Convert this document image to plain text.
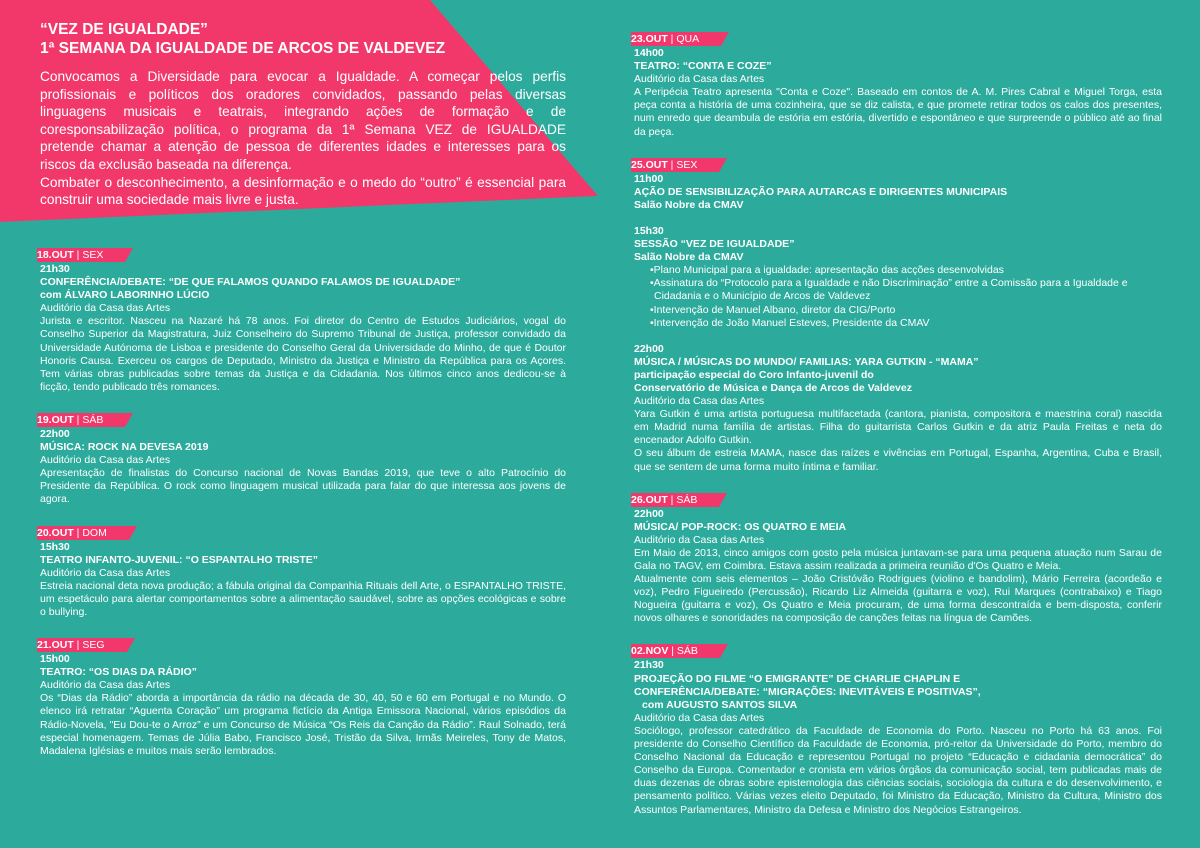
“VEZ DE IGUALDADE”
1ª SEMANA DA IGUALDADE DE ARCOS DE VALDEVEZ

Convocamos a Diversidade para evocar a Igualdade. A começar pelos perfis profissionais e políticos dos oradores convidados, passando pelas diversas linguagens musicais e teatrais, integrando ações de formação e de coresponsabilização política, o programa da 1ª Semana VEZ de IGUALDADE pretende chamar a atenção de pessoa de diferentes idades e interesses para os riscos da exclusão baseada na diferença.

Combater o desconhecimento, a desinformação e o medo do “outro” é essencial para construir uma sociedade mais livre e justa.

18.OUT | SEX
21h30
CONFERÊNCIA/DEBATE: “DE QUE FALAMOS QUANDO FALAMOS DE IGUALDADE”
com ÁLVARO LABORINHO LÚCIO
Auditório da Casa das Artes
Jurista e escritor. Nasceu na Nazaré há 78 anos. Foi diretor do Centro de Estudos Judiciários, vogal do Conselho Superior da Magistratura, Juiz Conselheiro do Supremo Tribunal de Justiça, professor convidado da Universidade Autónoma de Lisboa e presidente do Conselho Geral da Universidade do Minho, de que é Doutor Honoris Causa. Exerceu os cargos de Deputado, Ministro da Justiça e Ministro da República para os Açores. Tem várias obras publicadas sobre temas da Justiça e da Cidadania. Nos últimos cinco anos dedicou-se à ficção, tendo publicado três romances.
19.OUT | SÁB
22h00
MÚSICA: ROCK NA DEVESA 2019
Auditório da Casa das Artes
Apresentação de finalistas do Concurso nacional de Novas Bandas 2019, que teve o alto Patrocínio do Presidente da República. O rock como linguagem musical utilizada para falar do que interessa aos jovens de agora.
20.OUT | DOM
15h30
TEATRO INFANTO-JUVENIL: “O ESPANTALHO TRISTE”
Auditório da Casa das Artes
Estreia nacional deta nova produção; a fábula original da Companhia Rituais dell Arte, o ESPANTALHO TRISTE, um espetáculo para alertar comportamentos sobre a alimentação saudável, sobre as opções ecológicas e sobre o bullying.
21.OUT | SEG
15h00
TEATRO: “OS DIAS DA RÁDIO”
Auditório da Casa das Artes
Os “Dias da Rádio” aborda a importância da rádio na década de 30, 40, 50 e 60 em Portugal e no Mundo. O elenco irá retratar “Aguenta Coração” um programa fictício da Antiga Emissora Nacional, vários episódios da Rádio-Novela, "Eu Dou-te o Arroz” e um Concurso de Música “Os Reis da Canção da Rádio”. Raul Solnado, terá especial homenagem. Temas de Júlia Babo, Francisco José, Tristão da Silva, Irmãs Meireles, Tony de Matos, Madalena Iglésias e muitos mais serão lembrados.
23.OUT | QUA
14h00
TEATRO: “CONTA E COZE”
Auditório da Casa das Artes
A Peripécia Teatro apresenta "Conta e Coze". Baseado em contos de A. M. Pires Cabral e Miguel Torga, esta peça conta a história de uma cozinheira, que se diz calista, e que promete retirar todos os calos dos presentes, num enredo que deambula de estória em estória, divertido e espontâneo e que surpreende o público até ao final da peça.
25.OUT | SEX
11h00
AÇÃO DE SENSIBILIZAÇÃO PARA AUTARCAS E DIRIGENTES MUNICIPAIS
Salão Nobre da CMAV
15h30
SESSÃO “VEZ DE IGUALDADE”
Salão Nobre da CMAV
•Plano Municipal para a igualdade: apresentação das acções desenvolvidas
•Assinatura do “Protocolo para a Igualdade e não Discriminação” entre a Comissão para a Igualdade e Cidadania e o Município de Arcos de Valdevez
•Intervenção de Manuel Albano, diretor da CIG/Porto
•Intervenção de João Manuel Esteves, Presidente da CMAV
22h00
MÚSICA / MÚSICAS DO MUNDO/ FAMILIAS: YARA GUTKIN - “MAMA”
participação especial do Coro Infanto-juvenil do
Conservatório de Música e Dança de Arcos de Valdevez
Auditório da Casa das Artes
Yara Gutkin é uma artista portuguesa multifacetada (cantora, pianista, compositora e maestrina coral) nascida em Madrid numa família de artistas. Filha do guitarrista Carlos Gutkin e da atriz Paula Freitas e neta do encenador Adolfo Gutkin.
O seu álbum de estreia MAMA, nasce das raízes e vivências em Portugal, Espanha, Argentina, Cuba e Brasil, que se sentem de uma forma muito íntima e familiar.
26.OUT | SÁB
22h00
MÚSICA/ POP-ROCK: OS QUATRO E MEIA
Auditório da Casa das Artes
Em Maio de 2013, cinco amigos com gosto pela música juntavam-se para uma pequena atuação num Sarau de Gala no TAGV, em Coimbra. Estava assim realizada a primeira reunião d'Os Quatro e Meia.
Atualmente com seis elementos – João Cristóvão Rodrigues (violino e bandolim), Mário Ferreira (acordeão e voz), Pedro Figueiredo (Percussão), Ricardo Liz Almeida (guitarra e voz), Rui Marques (contrabaixo) e Tiago Nogueira (guitarra e voz), Os Quatro e Meia procuram, de uma forma descontraída e bem-disposta, conferir novos olhares e sonoridades na composição de canções feitas na língua de Camões.
02.NOV | SÁB
21h30
PROJEÇÃO DO FILME “O EMIGRANTE” DE CHARLIE CHAPLIN E
CONFERÊNCIA/DEBATE: “MIGRAÇÕES: INEVITÁVEIS E POSITIVAS”,
com AUGUSTO SANTOS SILVA
Auditório da Casa das Artes
Sociólogo, professor catedrático da Faculdade de Economia do Porto. Nasceu no Porto há 63 anos. Foi presidente do Conselho Científico da Faculdade de Economia, pró-reitor da Universidade do Porto, membro do Conselho Nacional da Educação e representou Portugal no projeto “Educação e cidadania democrática” do Conselho da Europa. Comentador e cronista em vários órgãos da comunicação social, tem publicadas mais de duas dezenas de obras sobre epistemologia das ciências sociais, sociologia da cultura e do desenvolvimento, e pensamento político. Várias vezes eleito Deputado, foi Ministro da Educação, Ministro da Cultura, Ministro dos Assuntos Parlamentares, Ministro da Defesa e Ministro dos Negócios Estrangeiros.
